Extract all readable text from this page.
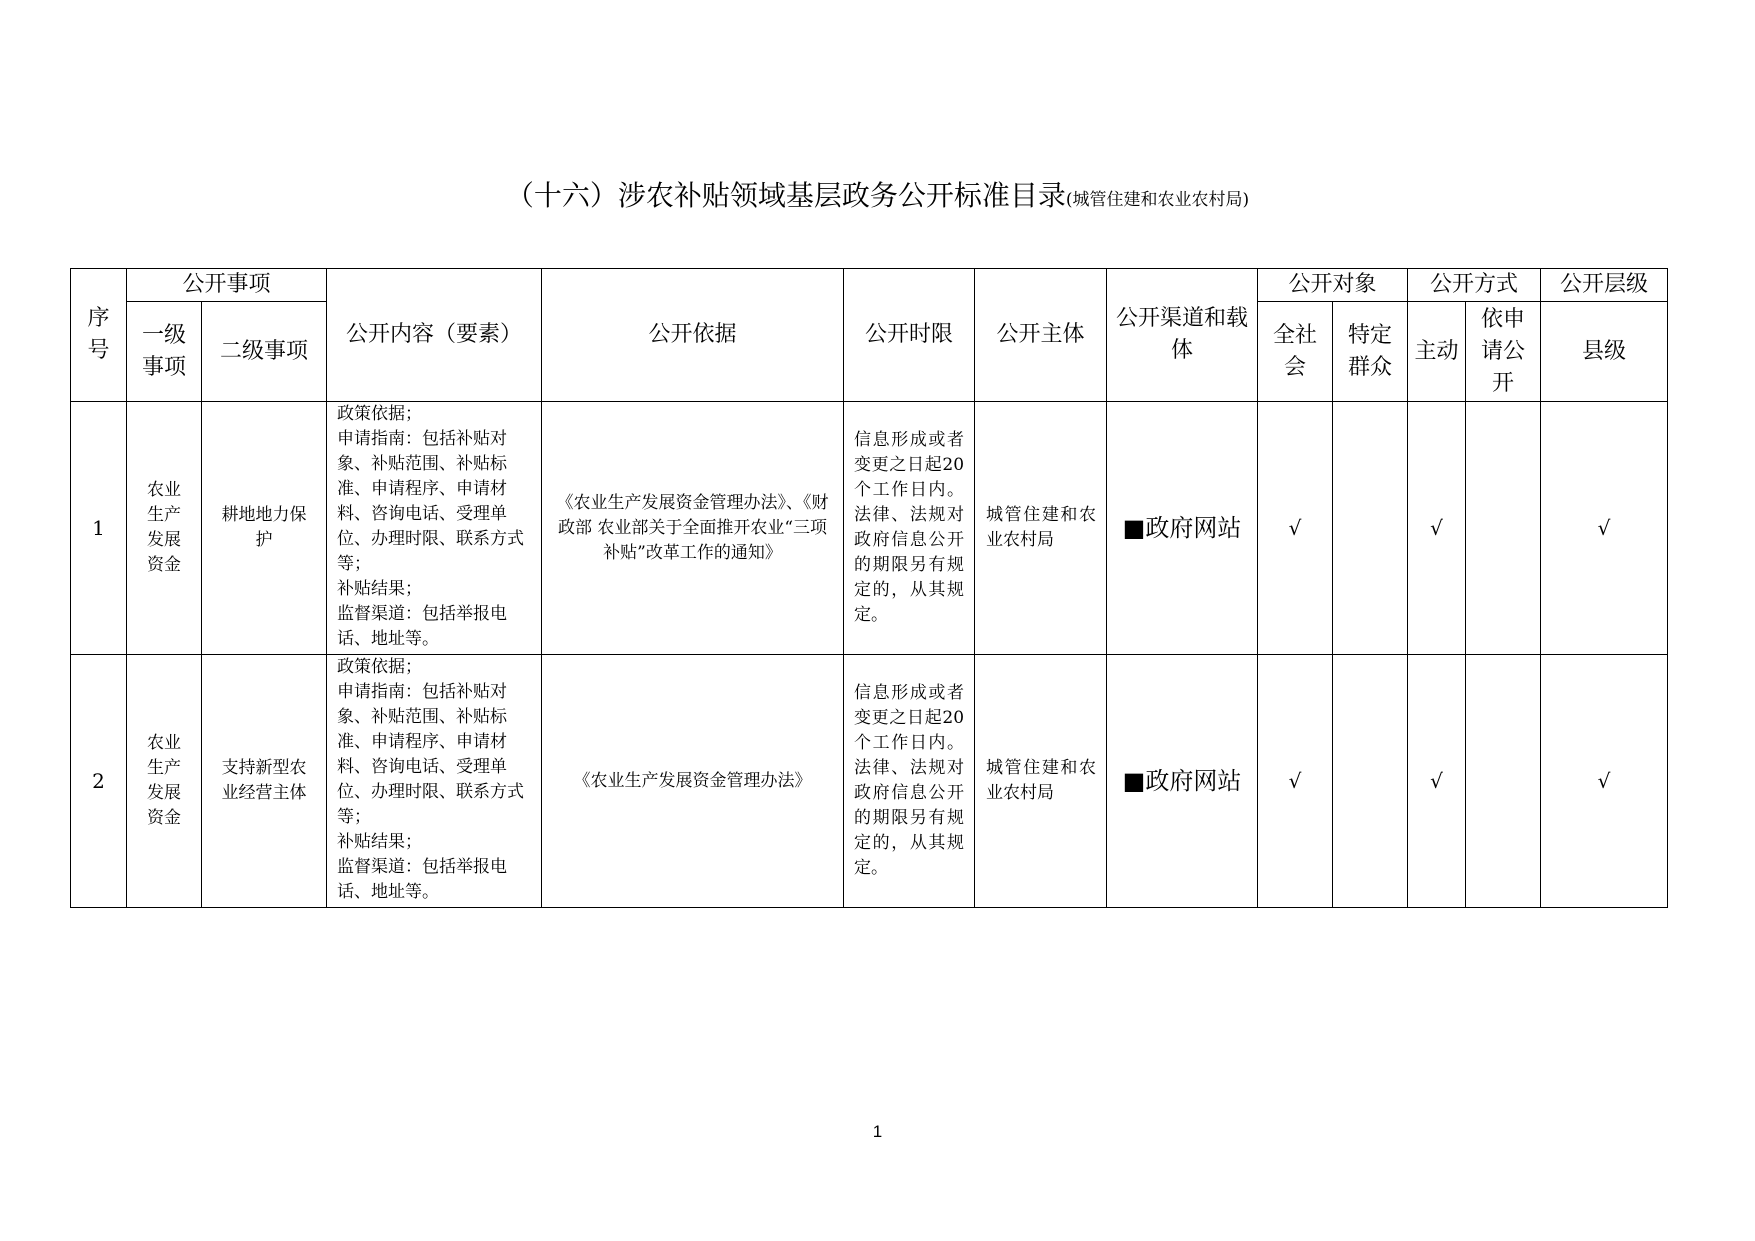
（十六）涉农补贴领域基层政务公开标准目录(城管住建和农业农村局)
序号	公开事项		公开内容（要素）	公开依据	公开时限	公开主体	公开渠道和载体	公开对象		公开方式		公开层级
	一级事项	二级事项						全社会	特定群众	主动	依申请公开	县级
1	农业生产发展资金	耕地地力保护	政策依据；
申请指南：包括补贴对象、补贴范围、补贴标准、申请程序、申请材料、咨询电话、受理单位、办理时限、联系方式等；
补贴结果；
监督渠道：包括举报电话、地址等。	《农业生产发展资金管理办法》、《财政部 农业部关于全面推开农业“三项补贴”改革工作的通知》	信息形成或者变更之日起20个工作日内。法律、法规对政府信息公开的期限另有规定的，从其规定。	城管住建和农业农村局	■政府网站	√		√		√
2	农业生产发展资金	支持新型农业经营主体	政策依据；
申请指南：包括补贴对象、补贴范围、补贴标准、申请程序、申请材料、咨询电话、受理单位、办理时限、联系方式等；
补贴结果；
监督渠道：包括举报电话、地址等。	《农业生产发展资金管理办法》	信息形成或者变更之日起20个工作日内。法律、法规对政府信息公开的期限另有规定的，从其规定。	城管住建和农业农村局	■政府网站	√		√		√
1
